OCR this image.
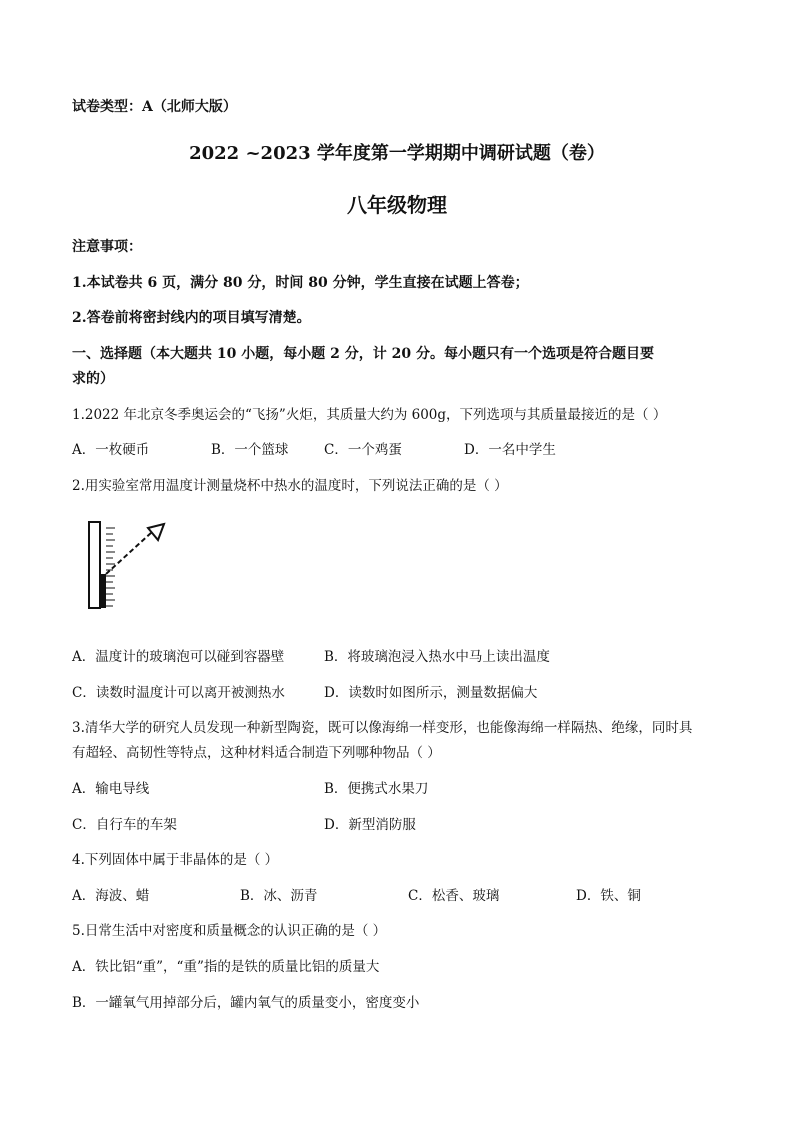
试卷类型：A（北师大版）
2022 ~2023 学年度第一学期期中调研试题（卷）
八年级物理
注意事项：
1.本试卷共 6 页，满分 80 分，时间 80 分钟，学生直接在试题上答卷；
2.答卷前将密封线内的项目填写清楚。
一、选择题（本大题共 10 小题，每小题 2 分，计 20 分。每小题只有一个选项是符合题目要
求的）
1.2022 年北京冬季奥运会的“飞扬”火炬，其质量大约为 600g，下列选项与其质量最接近的是（ ）
A．一枚硬币	B．一个篮球	C．一个鸡蛋	D．一名中学生
2.用实验室常用温度计测量烧杯中热水的温度时，下列说法正确的是（ ）
A．温度计的玻璃泡可以碰到容器壁	B．将玻璃泡浸入热水中马上读出温度
C．读数时温度计可以离开被测热水	D．读数时如图所示，测量数据偏大
3.清华大学的研究人员发现一种新型陶瓷，既可以像海绵一样变形，也能像海绵一样隔热、绝缘，同时具
有超轻、高韧性等特点，这种材料适合制造下列哪种物品（ ）
A．输电导线	B．便携式水果刀
C．自行车的车架	D．新型消防服
4.下列固体中属于非晶体的是（ ）
A．海波、蜡	B．冰、沥青	C．松香、玻璃	D．铁、铜
5.日常生活中对密度和质量概念的认识正确的是（ ）
A．铁比铝“重”，“重”指的是铁的质量比铝的质量大
B．一罐氧气用掉部分后，罐内氧气的质量变小，密度变小
